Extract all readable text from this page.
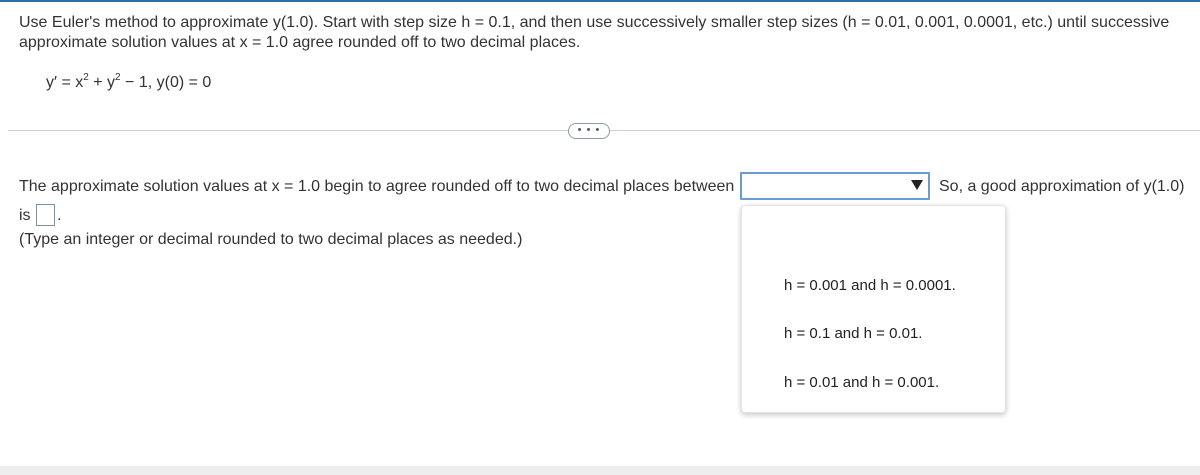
Use Euler's method to approximate y(1.0). Start with step size h = 0.1, and then use successively smaller step sizes (h = 0.01, 0.001, 0.0001, etc.) until successive approximate solution values at x = 1.0 agree rounded off to two decimal places.
$y' = x^2 + y^2 - 1$, y(0) = 0
• • •
The approximate solution values at x = 1.0 begin to agree rounded off to two decimal places between	So, a good approximation of y(1.0)
is .
(Type an integer or decimal rounded to two decimal places as needed.)
h = 0.001 and h = 0.0001.
h = 0.1 and h = 0.01.
h = 0.01 and h = 0.001.
